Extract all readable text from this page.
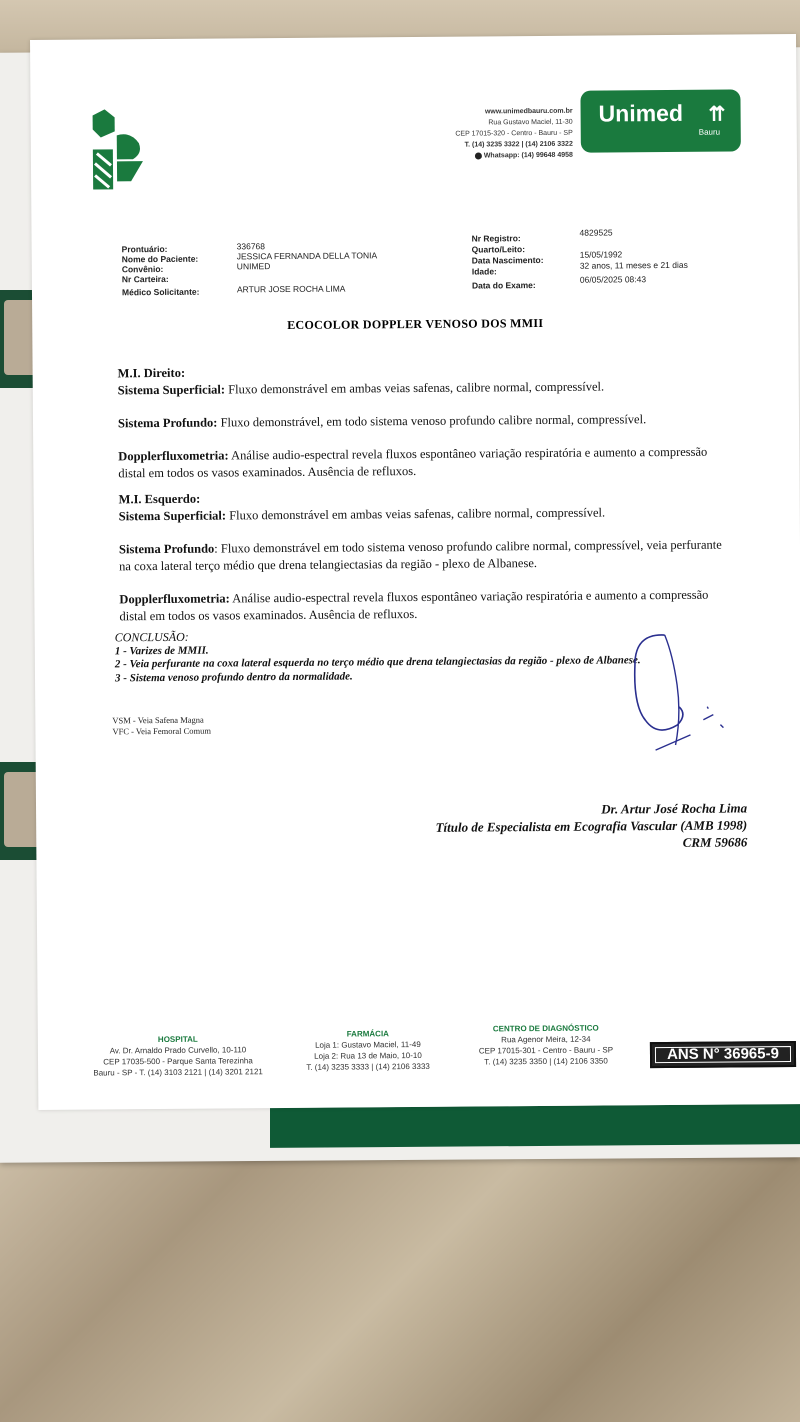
www.unimedbauru.com.br
Rua Gustavo Maciel, 11-30
CEP 17015-320 - Centro - Bauru - SP
T. (14) 3235 3322 | (14) 2106 3322
Whatsapp: (14) 99648 4958
Unimed ⇈
Bauru
Prontuário:
Nome do Paciente:
Convênio:
Nr Carteira:
Médico Solicitante:
336768
JESSICA FERNANDA DELLA TONIA
UNIMED
ARTUR JOSE ROCHA LIMA
Nr Registro:
Quarto/Leito:
Data Nascimento:
Idade:
Data do Exame:
4829525
15/05/1992
32 anos, 11 meses e 21 dias
06/05/2025 08:43
ECOCOLOR DOPPLER VENOSO DOS MMII
M.I. Direito:
Sistema Superficial: Fluxo demonstrável em ambas veias safenas, calibre normal, compressível.
Sistema Profundo: Fluxo demonstrável, em todo sistema venoso profundo calibre normal, compressível.
Dopplerfluxometria: Análise audio-espectral revela fluxos espontâneo variação respiratória e aumento a compressão distal em todos os vasos examinados. Ausência de refluxos.
M.I. Esquerdo:
Sistema Superficial: Fluxo demonstrável em ambas veias safenas, calibre normal, compressível.
Sistema Profundo: Fluxo demonstrável em todo sistema venoso profundo calibre normal, compressível, veia perfurante na coxa lateral terço médio que drena telangiectasias da região - plexo de Albanese.
Dopplerfluxometria: Análise audio-espectral revela fluxos espontâneo variação respiratória e aumento a compressão distal em todos os vasos examinados. Ausência de refluxos.
CONCLUSÃO:
1 - Varizes de MMII.
2 - Veia perfurante na coxa lateral esquerda no terço médio que drena telangiectasias da região - plexo de Albanese.
3 - Sistema venoso profundo dentro da normalidade.
VSM - Veia Safena Magna
VFC - Veia Femoral Comum
Dr. Artur José Rocha Lima
Título de Especialista em Ecografia Vascular (AMB 1998)
CRM 59686
HOSPITAL
Av. Dr. Arnaldo Prado Curvello, 10-110
CEP 17035-500 - Parque Santa Terezinha
Bauru - SP - T. (14) 3103 2121 | (14) 3201 2121
FARMÁCIA
Loja 1: Gustavo Maciel, 11-49
Loja 2: Rua 13 de Maio, 10-10
T. (14) 3235 3333 | (14) 2106 3333
CENTRO DE DIAGNÓSTICO
Rua Agenor Meira, 12-34
CEP 17015-301 - Centro - Bauru - SP
T. (14) 3235 3350 | (14) 2106 3350	ANS N° 36965-9
